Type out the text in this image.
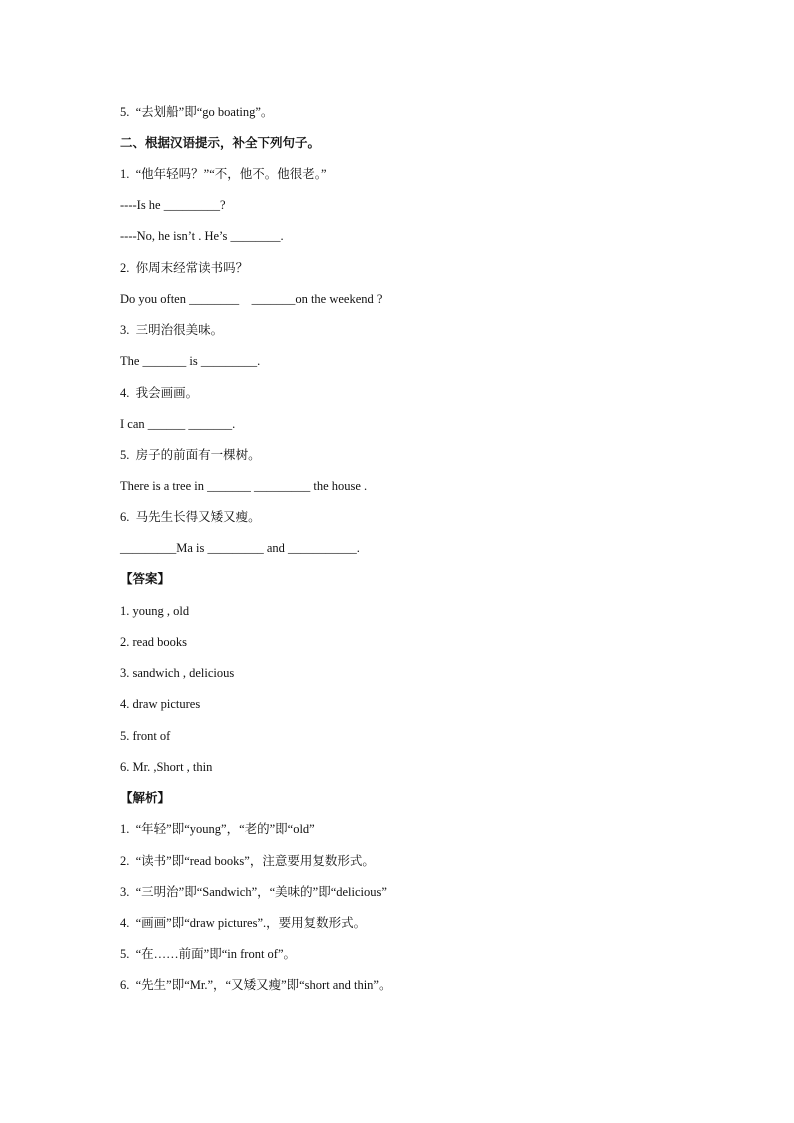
5.  “去划船”即“go boating”。
二、根据汉语提示，补全下列句子。
1.  “他年轻吗？”“不，他不。他很老。”
----Is he _________?
----No, he isn’t . He’s ________.
2.  你周末经常读书吗？
Do you often ________    _______on the weekend ?
3.  三明治很美味。
The _______ is _________.
4.  我会画画。
I can ______ _______.
5.  房子的前面有一棵树。
There is a tree in _______ _________ the house .
6.  马先生长得又矮又瘦。
_________Ma is _________ and ___________.
【答案】
1. young , old
2. read books
3. sandwich , delicious
4. draw pictures
5. front of
6. Mr. ,Short , thin
【解析】
1.  “年轻”即“young”，“老的”即“old”
2.  “读书”即“read books”，注意要用复数形式。
3.  “三明治”即“Sandwich”，“美味的”即“delicious”
4.  “画画”即“draw pictures”.，要用复数形式。
5.  “在……前面”即“in front of”。
6.  “先生”即“Mr.”，“又矮又瘦”即“short and thin”。
